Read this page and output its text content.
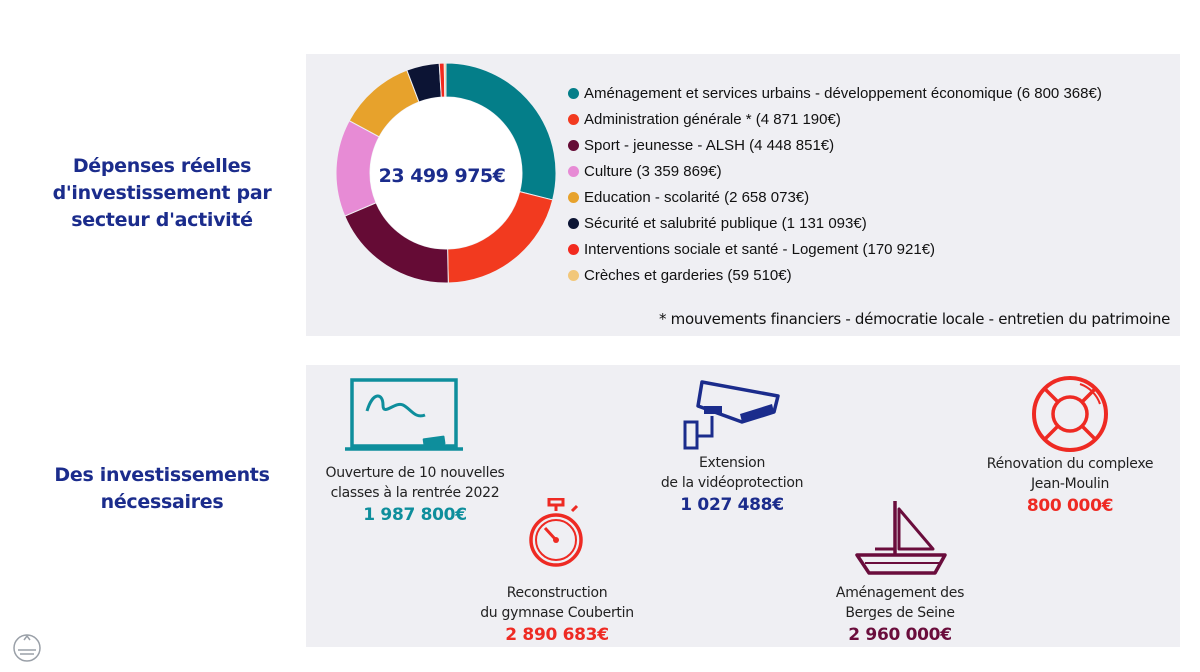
Dépenses réelles d'investissement par secteur d'activité
Des investissements nécessaires
23 499 975€
Aménagement et services urbains - développement économique (6 800 368€)
Administration générale * (4 871 190€)
Sport - jeunesse - ALSH (4 448 851€)
Culture (3 359 869€)
Education - scolarité (2 658 073€)
Sécurité et salubrité publique (1 131 093€)
Interventions sociale et santé - Logement (170 921€)
Crèches et garderies (59 510€)
* mouvements financiers - démocratie locale - entretien du patrimoine
Ouverture de 10 nouvelles
classes à la rentrée 2022
1 987 800€
Reconstruction
du gymnase Coubertin
2 890 683€
Extension
de la vidéoprotection
1 027 488€
Aménagement des
Berges de Seine
2 960 000€
Rénovation du complexe
Jean-Moulin
800 000€
